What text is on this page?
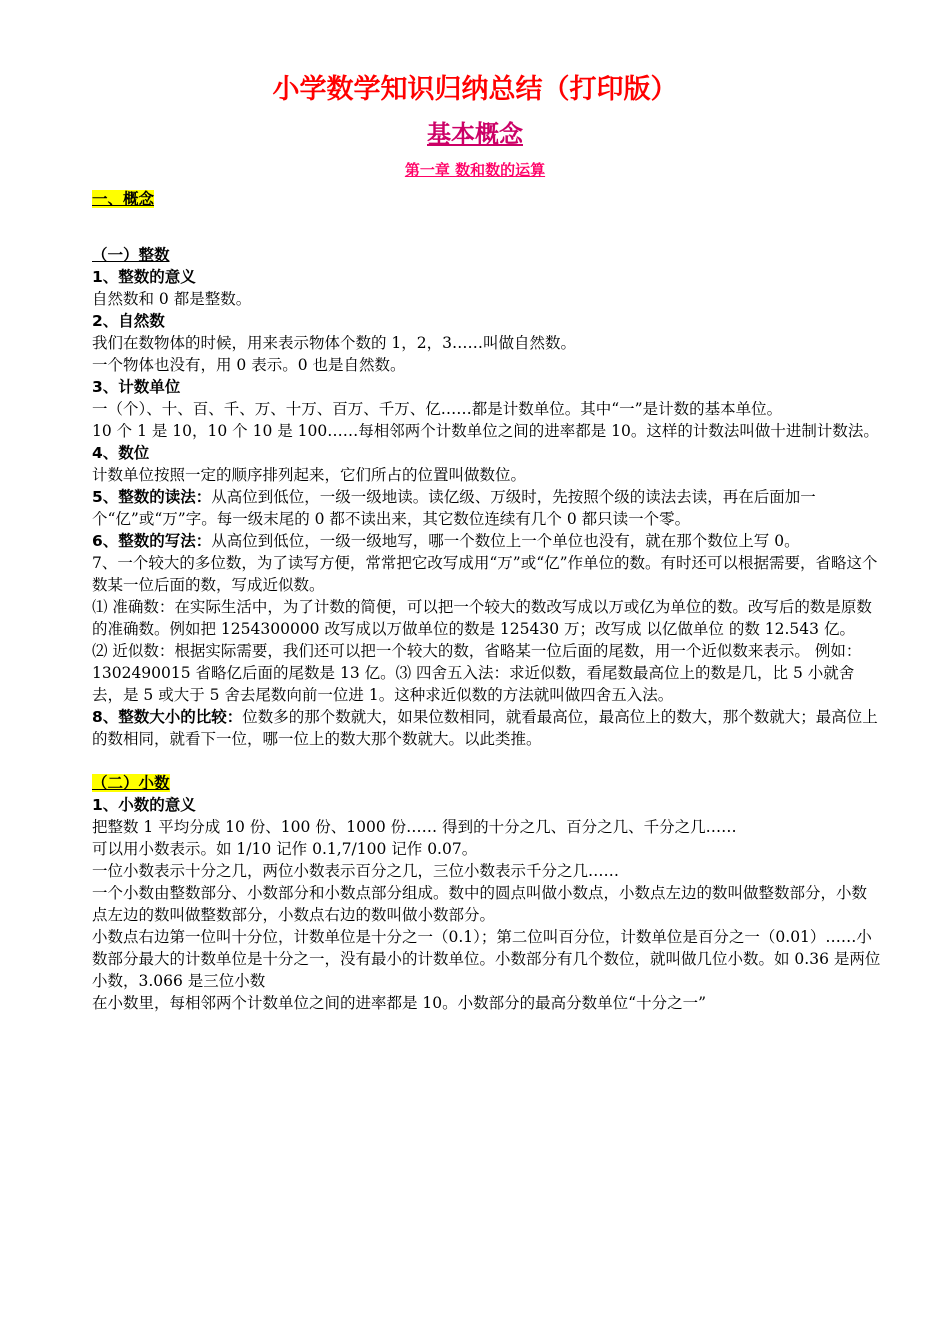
小学数学知识归纳总结（打印版）
基本概念
第一章 数和数的运算

一、概念

（一）整数

1、整数的意义

自然数和 0 都是整数。

2、自然数

我们在数物体的时候，用来表示物体个数的 1，2，3……叫做自然数。

一个物体也没有，用 0 表示。0 也是自然数。

3、计数单位

一（个）、十、百、千、万、十万、百万、千万、亿……都是计数单位。其中“一”是计数的基本单位。

10 个 1 是 10，10 个 10 是 100……每相邻两个计数单位之间的进率都是 10。这样的计数法叫做十进制计数法。

4、数位

计数单位按照一定的顺序排列起来，它们所占的位置叫做数位。

5、整数的读法：从高位到低位，一级一级地读。读亿级、万级时，先按照个级的读法去读，再在后面加一个“亿”或“万”字。每一级末尾的 0 都不读出来，其它数位连续有几个 0 都只读一个零。

6、整数的写法：从高位到低位，一级一级地写，哪一个数位上一个单位也没有，就在那个数位上写 0。

7、一个较大的多位数，为了读写方便，常常把它改写成用“万”或“亿”作单位的数。有时还可以根据需要，省略这个数某一位后面的数，写成近似数。

⑴ 准确数：在实际生活中，为了计数的简便，可以把一个较大的数改写成以万或亿为单位的数。改写后的数是原数的准确数。例如把 1254300000 改写成以万做单位的数是 125430 万；改写成 以亿做单位 的数 12.543 亿。

⑵ 近似数：根据实际需要，我们还可以把一个较大的数，省略某一位后面的尾数，用一个近似数来表示。 例如： 1302490015 省略亿后面的尾数是 13 亿。⑶ 四舍五入法：求近似数，看尾数最高位上的数是几，比 5 小就舍去，是 5 或大于 5 舍去尾数向前一位进 1。这种求近似数的方法就叫做四舍五入法。

8、整数大小的比较：位数多的那个数就大，如果位数相同，就看最高位，最高位上的数大，那个数就大；最高位上的数相同，就看下一位，哪一位上的数大那个数就大。以此类推。

（二）小数

1、小数的意义

把整数 1 平均分成 10 份、100 份、1000 份…… 得到的十分之几、百分之几、千分之几……

可以用小数表示。如 1/10 记作 0.1,7/100 记作 0.07。

一位小数表示十分之几，两位小数表示百分之几，三位小数表示千分之几……

一个小数由整数部分、小数部分和小数点部分组成。数中的圆点叫做小数点，小数点左边的数叫做整数部分，小数点左边的数叫做整数部分，小数点右边的数叫做小数部分。

小数点右边第一位叫十分位，计数单位是十分之一（0.1）；第二位叫百分位，计数单位是百分之一（0.01）……小数部分最大的计数单位是十分之一，没有最小的计数单位。小数部分有几个数位，就叫做几位小数。如 0.36 是两位小数，3.066 是三位小数

在小数里，每相邻两个计数单位之间的进率都是 10。小数部分的最高分数单位“十分之一”
